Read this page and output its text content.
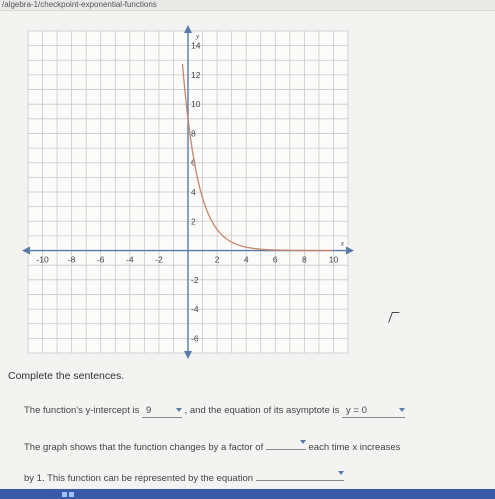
/algebra-1/checkpoint-exponential-functions
-10 -8	-6	-4	-2	2	4	6	8	10
-6
-4
-2
2
4
6
8
10
12
14
x
y
Complete the sentences.
The function's y-intercept is 9	, and the equation of its asymptote is y = 0
The graph shows that the function changes by a factor of	each time x increases
by 1. This function can be represented by the equation
